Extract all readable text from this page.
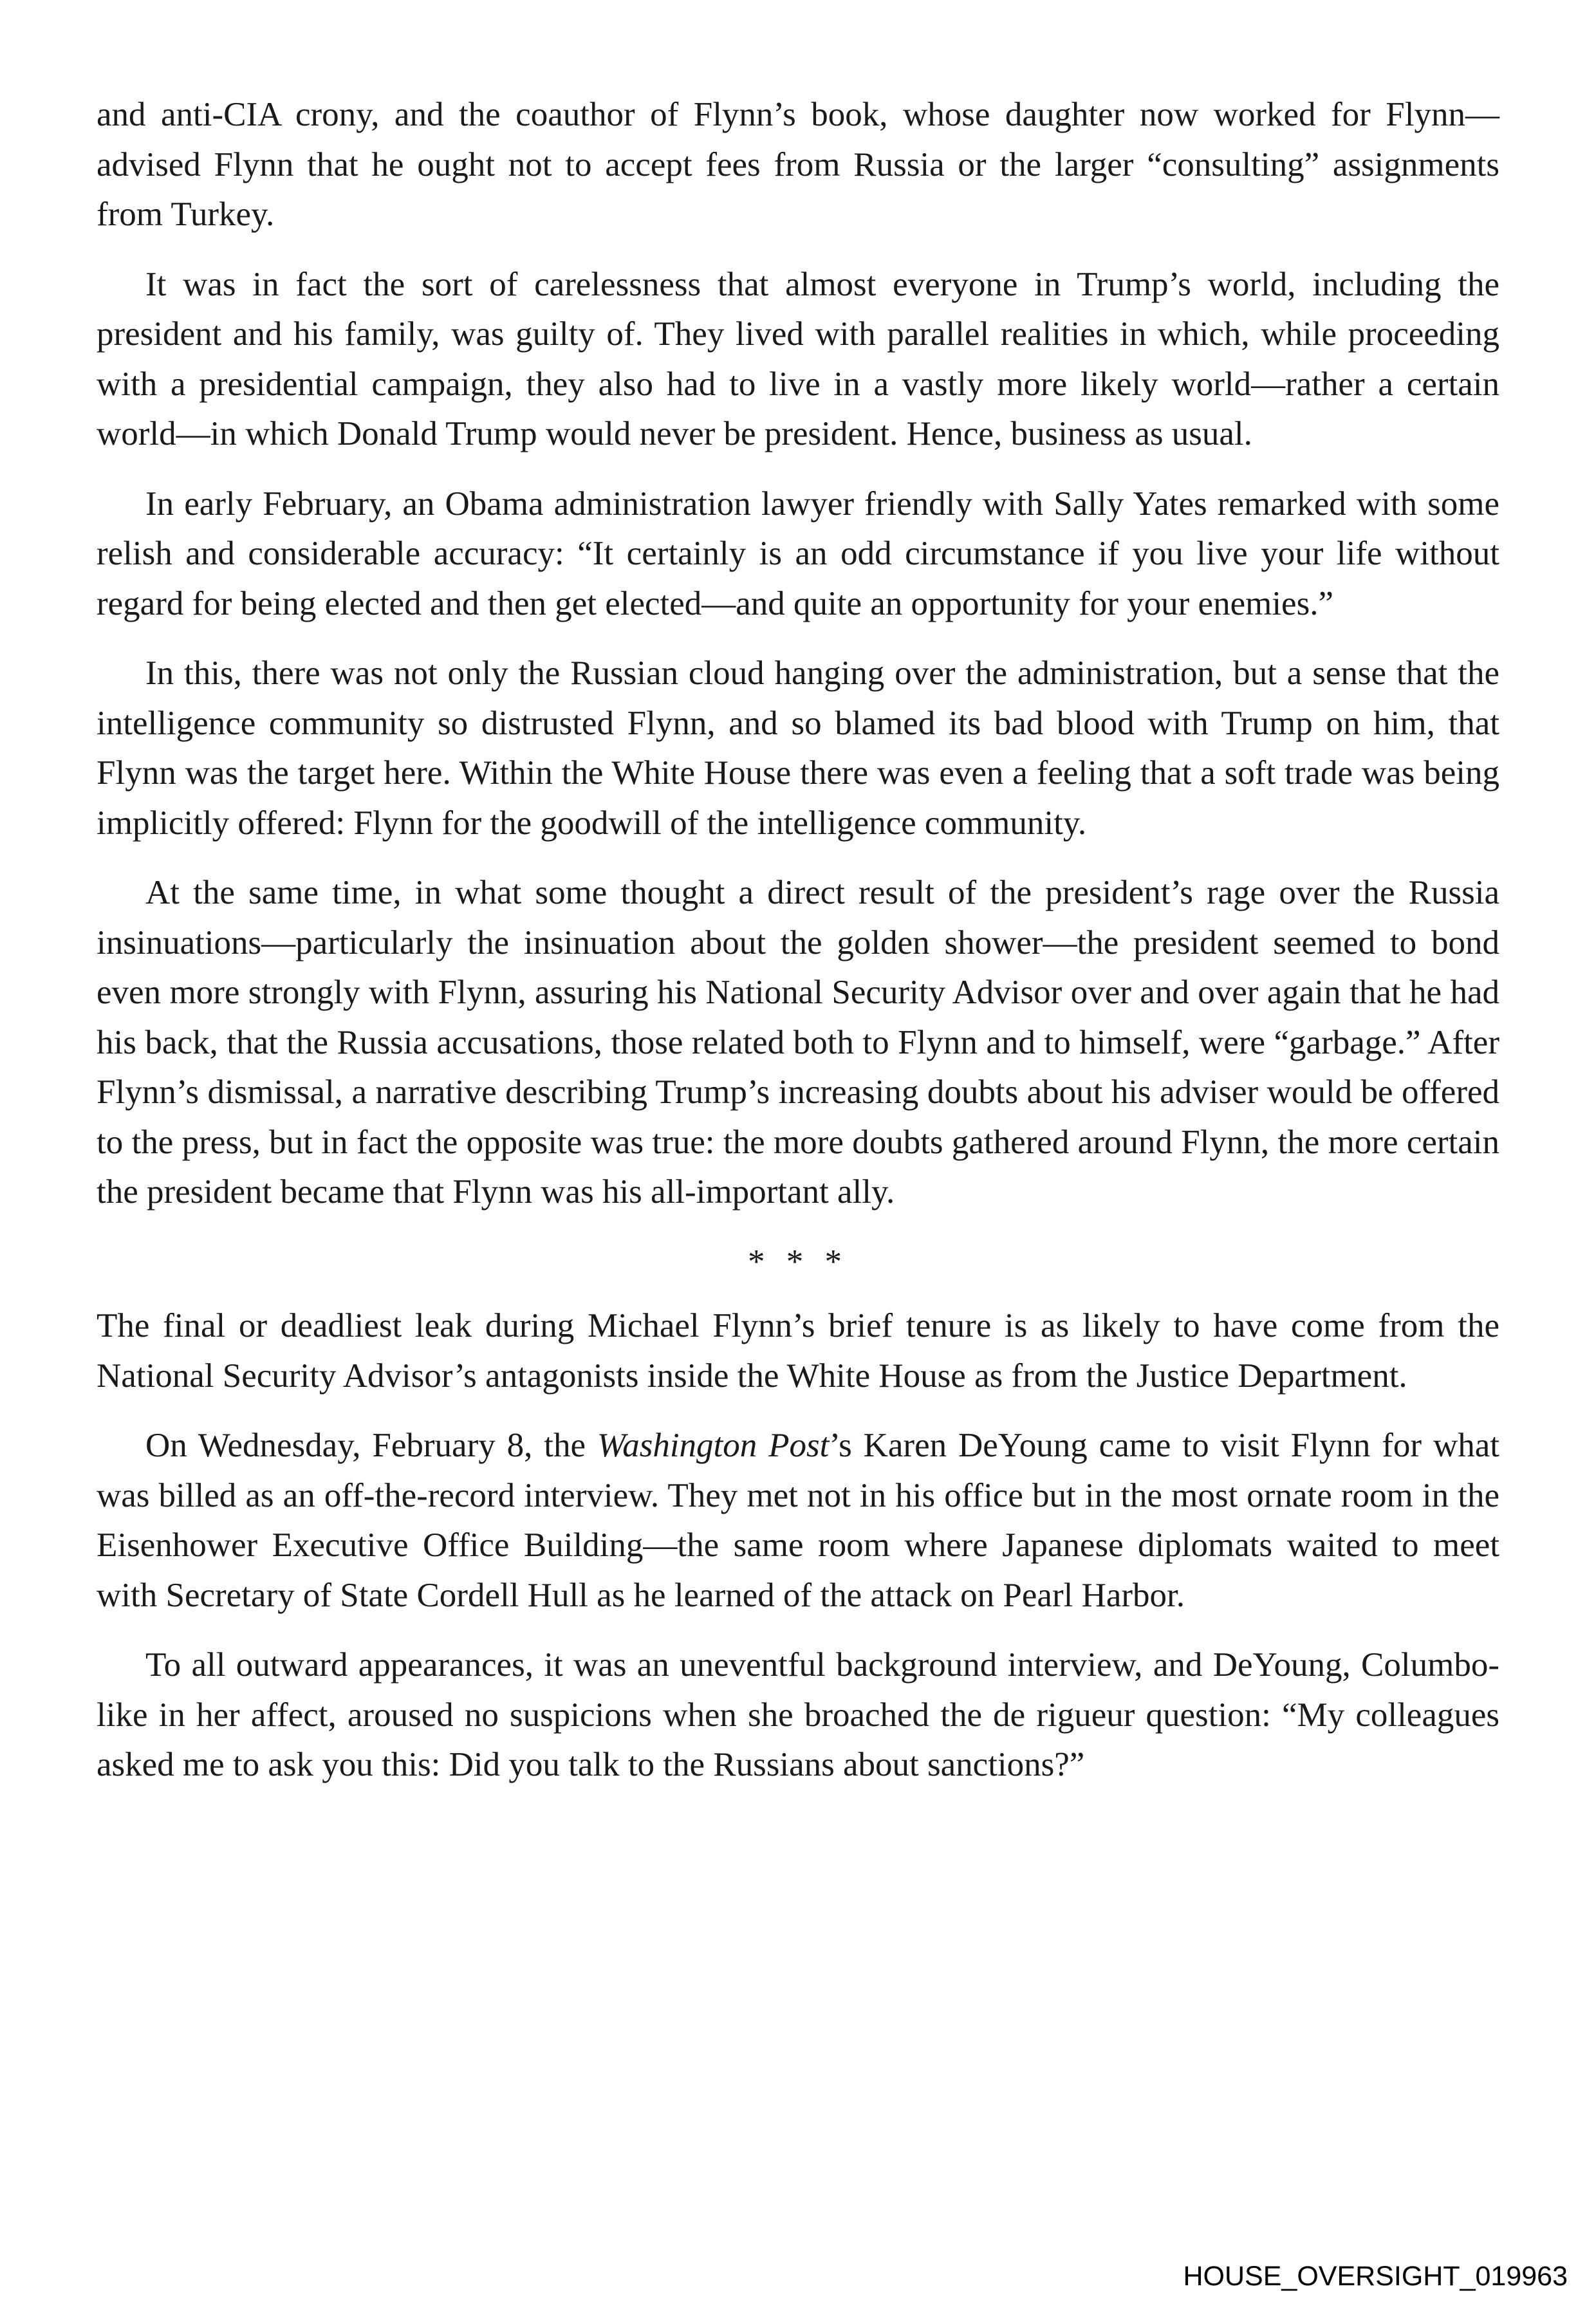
and anti-CIA crony, and the coauthor of Flynn’s book, whose daughter now worked for Flynn—advised Flynn that he ought not to accept fees from Russia or the larger “consulting” assignments from Turkey.

It was in fact the sort of carelessness that almost everyone in Trump’s world, including the president and his family, was guilty of. They lived with parallel realities in which, while proceeding with a presidential campaign, they also had to live in a vastly more likely world—rather a certain world—in which Donald Trump would never be president. Hence, business as usual.

In early February, an Obama administration lawyer friendly with Sally Yates remarked with some relish and considerable accuracy: “It certainly is an odd circumstance if you live your life without regard for being elected and then get elected—and quite an opportunity for your enemies.”

In this, there was not only the Russian cloud hanging over the administration, but a sense that the intelligence community so distrusted Flynn, and so blamed its bad blood with Trump on him, that Flynn was the target here. Within the White House there was even a feeling that a soft trade was being implicitly offered: Flynn for the goodwill of the intelligence community.

At the same time, in what some thought a direct result of the president’s rage over the Russia insinuations—particularly the insinuation about the golden shower—the president seemed to bond even more strongly with Flynn, assuring his National Security Advisor over and over again that he had his back, that the Russia accusations, those related both to Flynn and to himself, were “garbage.” After Flynn’s dismissal, a narrative describing Trump’s increasing doubts about his adviser would be offered to the press, but in fact the opposite was true: the more doubts gathered around Flynn, the more certain the president became that Flynn was his all-important ally.

* * *

The final or deadliest leak during Michael Flynn’s brief tenure is as likely to have come from the National Security Advisor’s antagonists inside the White House as from the Justice Department.

On Wednesday, February 8, the Washington Post’s Karen DeYoung came to visit Flynn for what was billed as an off-the-record interview. They met not in his office but in the most ornate room in the Eisenhower Executive Office Building—the same room where Japanese diplomats waited to meet with Secretary of State Cordell Hull as he learned of the attack on Pearl Harbor.

To all outward appearances, it was an uneventful background interview, and DeYoung, Columbo-like in her affect, aroused no suspicions when she broached the de rigueur question: “My colleagues asked me to ask you this: Did you talk to the Russians about sanctions?”

HOUSE_OVERSIGHT_019963
